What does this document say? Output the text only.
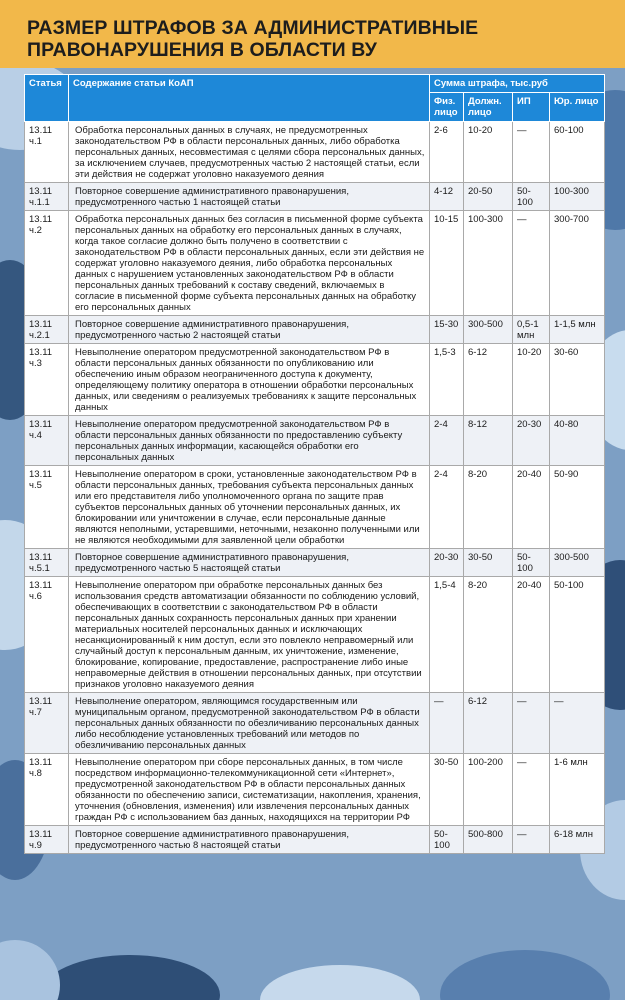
РАЗМЕР ШТРАФОВ ЗА АДМИНИСТРАТИВНЫЕ
ПРАВОНАРУШЕНИЯ В ОБЛАСТИ ВУ
Статья	Содержание статьи КоАП	Сумма штрафа, тыс.руб			
		Физ. лицо	Должн. лицо	ИП	Юр. лицо
13.11 ч.1	Обработка персональных данных в случаях, не предусмотренных законодательством РФ в области персональных данных, либо обработка персональных данных, несовместимая с целями сбора персональных данных, за исключением случаев, предусмотренных частью 2 настоящей статьи, если эти действия не содержат уголовно наказуемого деяния	2-6	10-20	—	60-100
13.11 ч.1.1	Повторное совершение административного правонарушения, предусмотренного частью 1 настоящей статьи	4-12	20-50	50-100	100-300
13.11 ч.2	Обработка персональных данных без согласия в письменной форме субъекта персональных данных на обработку его персональных данных в случаях, когда такое согласие должно быть получено в соответствии с законодательством РФ в области персональных данных, если эти действия не содержат уголовно наказуемого деяния, либо обработка персональных данных с нарушением установленных законодательством РФ в области персональных данных требований к составу сведений, включаемых в согласие в письменной форме субъекта персональных данных на обработку его персональных данных	10-15	100-300	—	300-700
13.11 ч.2.1	Повторное совершение административного правонарушения, предусмотренного частью 2 настоящей статьи	15-30	300-500	0,5-1 млн	1-1,5 млн
13.11 ч.3	Невыполнение оператором предусмотренной законодательством РФ в области персональных данных обязанности по опубликованию или обеспечению иным образом неограниченного доступа к документу, определяющему политику оператора в отношении обработки персональных данных, или сведениям о реализуемых требованиях к защите персональных данных	1,5-3	6-12	10-20	30-60
13.11 ч.4	Невыполнение оператором предусмотренной законодательством РФ в области персональных данных обязанности по предоставлению субъекту персональных данных информации, касающейся обработки его персональных данных	2-4	8-12	20-30	40-80
13.11 ч.5	Невыполнение оператором в сроки, установленные законодательством РФ в области персональных данных, требования субъекта персональных данных или его представителя либо уполномоченного органа по защите прав субъектов персональных данных об уточнении персональных данных, их блокировании или уничтожении в случае, если персональные данные являются неполными, устаревшими, неточными, незаконно полученными или не являются необходимыми для заявленной цели обработки	2-4	8-20	20-40	50-90
13.11 ч.5.1	Повторное совершение административного правонарушения, предусмотренного частью 5 настоящей статьи	20-30	30-50	50-100	300-500
13.11 ч.6	Невыполнение оператором при обработке персональных данных без использования средств автоматизации обязанности по соблюдению условий, обеспечивающих в соответствии с законодательством РФ в области персональных данных сохранность персональных данных при хранении материальных носителей персональных данных и исключающих несанкционированный к ним доступ, если это повлекло неправомерный или случайный доступ к персональным данным, их уничтожение, изменение, блокирование, копирование, предоставление, распространение либо иные неправомерные действия в отношении персональных данных, при отсутствии признаков уголовно наказуемого деяния	1,5-4	8-20	20-40	50-100
13.11 ч.7	Невыполнение оператором, являющимся государственным или муниципальным органом, предусмотренной законодательством РФ в области персональных данных обязанности по обезличиванию персональных данных либо несоблюдение установленных требований или методов по обезличиванию персональных данных	—	6-12	—	—
13.11 ч.8	Невыполнение оператором при сборе персональных данных, в том числе посредством информационно-телекоммуникационной сети «Интернет», предусмотренной законодательством РФ в области персональных данных обязанности по обеспечению записи, систематизации, накопления, хранения, уточнения (обновления, изменения) или извлечения персональных данных граждан РФ с использованием баз данных, находящихся на территории РФ	30-50	100-200	—	1-6 млн
13.11 ч.9	Повторное совершение административного правонарушения, предусмотренного частью 8 настоящей статьи	50-100	500-800	—	6-18 млн
